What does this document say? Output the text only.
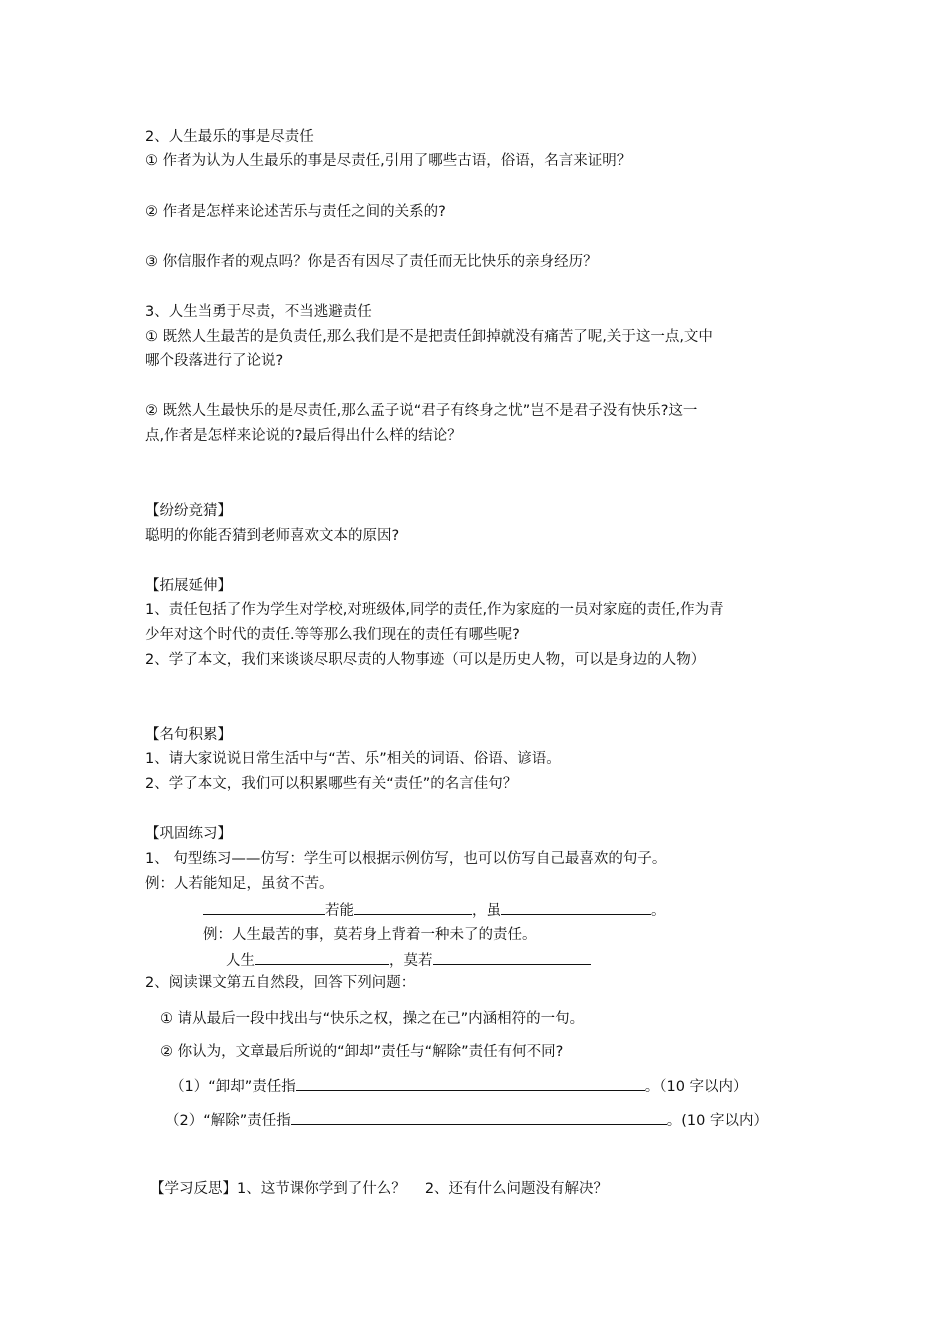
2、人生最乐的事是尽责任
① 作者为认为人生最乐的事是尽责任,引用了哪些古语，俗语，名言来证明？
② 作者是怎样来论述苦乐与责任之间的关系的?
③ 你信服作者的观点吗？你是否有因尽了责任而无比快乐的亲身经历？
3、人生当勇于尽责，不当逃避责任
① 既然人生最苦的是负责任,那么我们是不是把责任卸掉就没有痛苦了呢,关于这一点,文中
哪个段落进行了论说?
② 既然人生最快乐的是尽责任,那么孟子说“君子有终身之忧”岂不是君子没有快乐?这一
点,作者是怎样来论说的?最后得出什么样的结论？
【纷纷竞猜】
聪明的你能否猜到老师喜欢文本的原因?
【拓展延伸】
1、责任包括了作为学生对学校,对班级体,同学的责任,作为家庭的一员对家庭的责任,作为青
少年对这个时代的责任.等等那么我们现在的责任有哪些呢?
2、学了本文，我们来谈谈尽职尽责的人物事迹（可以是历史人物，可以是身边的人物）
【名句积累】
1、请大家说说日常生活中与“苦、乐”相关的词语、俗语、谚语。
2、学了本文，我们可以积累哪些有关“责任”的名言佳句？
【巩固练习】
1、 句型练习——仿写：学生可以根据示例仿写，也可以仿写自己最喜欢的句子。
例：人若能知足，虽贫不苦。
若能	，虽	。
例：人生最苦的事，莫若身上背着一种未了的责任。
人生	，莫若
2、阅读课文第五自然段，回答下列问题：
① 请从最后一段中找出与“快乐之权，操之在己”内涵相符的一句。
② 你认为，文章最后所说的“卸却”责任与“解除”责任有何不同?
（1）“卸却”责任指	。（10 字以内）
（2）“解除”责任指	。(10 字以内）
【学习反思】1、这节课你学到了什么？　 2、还有什么问题没有解决？
